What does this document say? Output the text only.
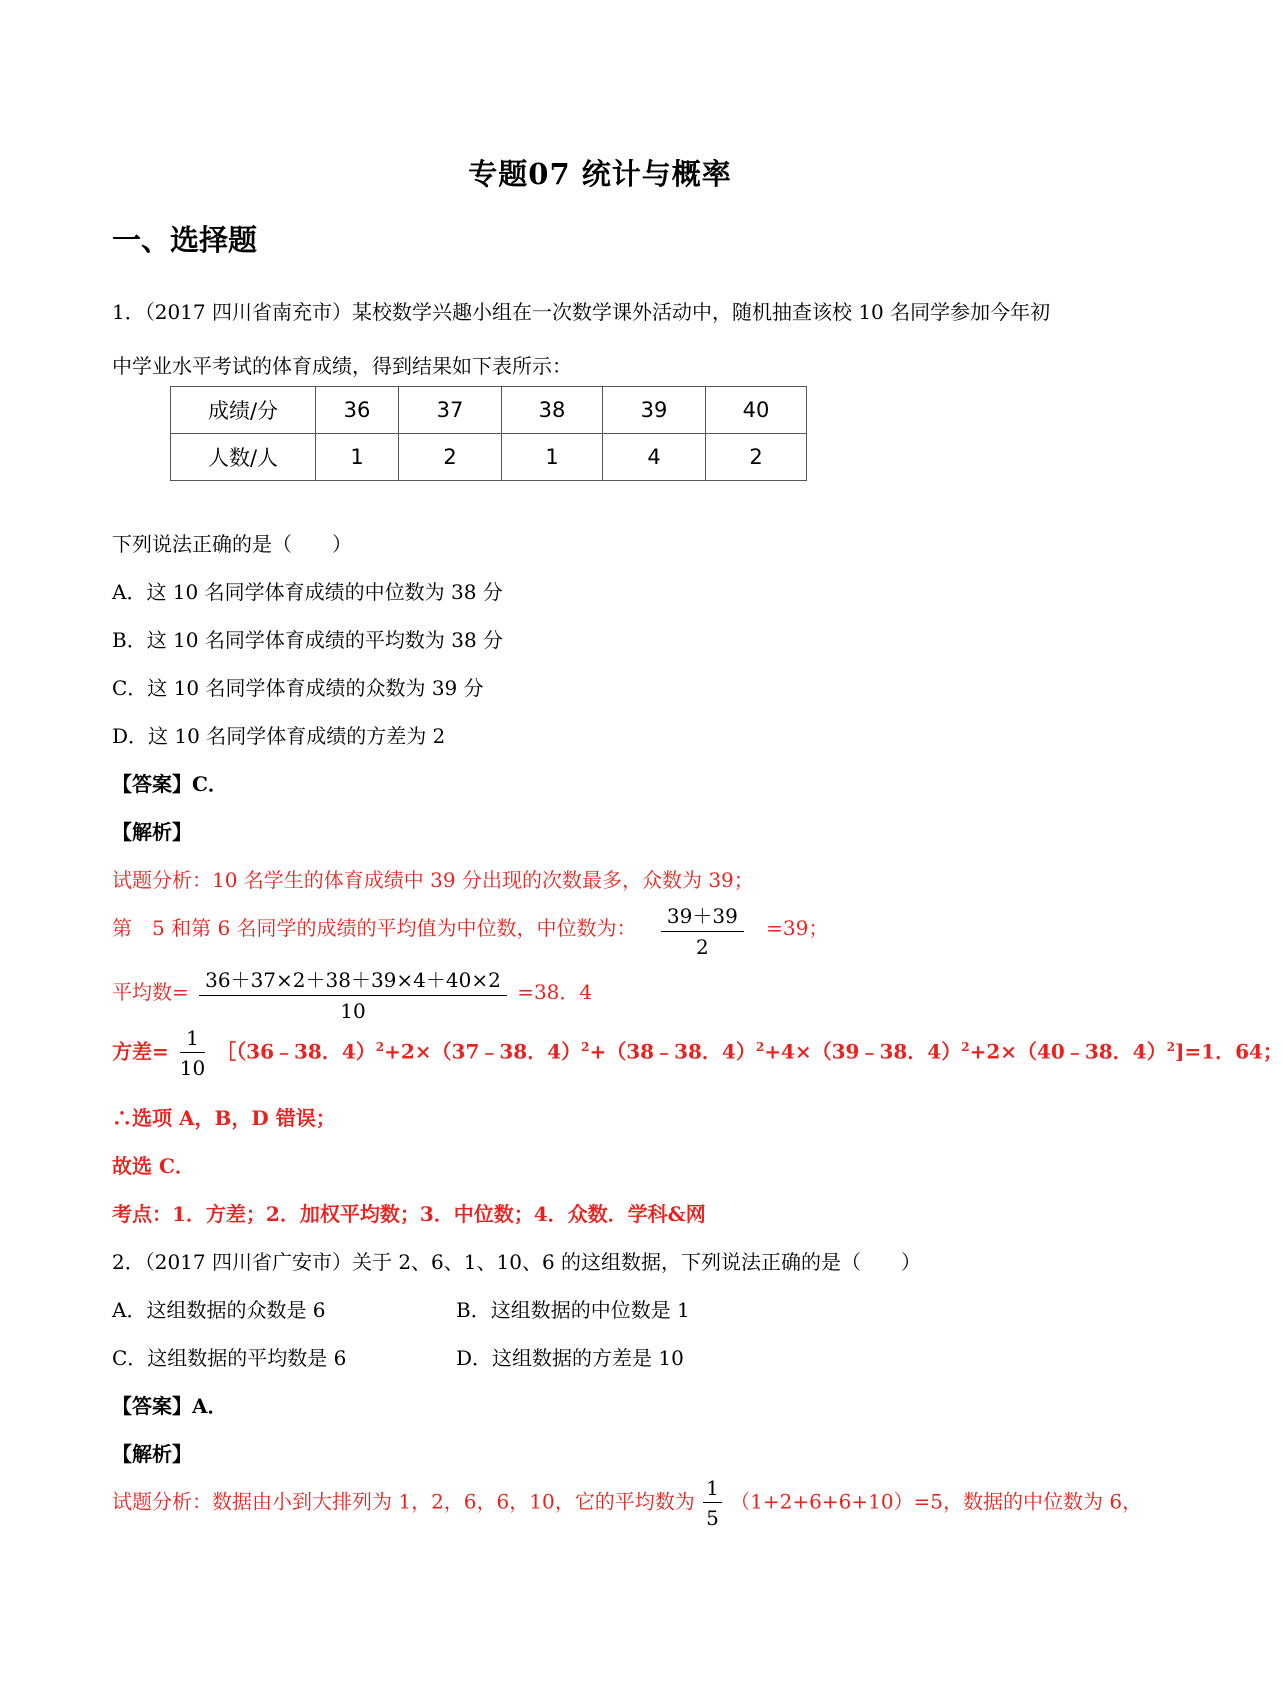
专题07 统计与概率
一、选择题
1．（2017 四川省南充市）某校数学兴趣小组在一次数学课外活动中，随机抽查该校 10 名同学参加今年初
中学业水平考试的体育成绩，得到结果如下表所示：
成绩/分	36	37	38	39	40
人数/人	1	2	1	4	2
下列说法正确的是（　　）
A．这 10 名同学体育成绩的中位数为 38 分
B．这 10 名同学体育成绩的平均数为 38 分
C．这 10 名同学体育成绩的众数为 39 分
D．这 10 名同学体育成绩的方差为 2
【答案】C．
【解析】
试题分析：10 名学生的体育成绩中 39 分出现的次数最多，众数为 39；
第　5 和第 6 名同学的成绩的平均值为中位数，中位数为： $\frac{39+39}{2} =39$；
平均数= $\frac{36+37\times 2+38+39\times 4+40\times 2}{10} =38$．4
方差= $\frac{1}{10}$ ［（36﹣38．4）$^2$+2×（37﹣38．4）$^2$+（38﹣38．4）$^2$+4×（39﹣38．4）$^2$+2×（40﹣38．4）$^2$]=1．64；
∴选项 A，B，D 错误；
故选 C．
考点：1．方差；2．加权平均数；3．中位数；4．众数．学科&网
2．（2017 四川省广安市）关于 2、6、1、10、6 的这组数据，下列说法正确的是（　　）
A．这组数据的众数是 6	B．这组数据的中位数是 1
C．这组数据的平均数是 6	D．这组数据的方差是 10
【答案】A．
【解析】
试题分析：数据由小到大排列为 1，2，6，6，10，它的平均数为 $\frac{1}{5} (1+2+6+6+10)=5$，数据的中位数为 6，
